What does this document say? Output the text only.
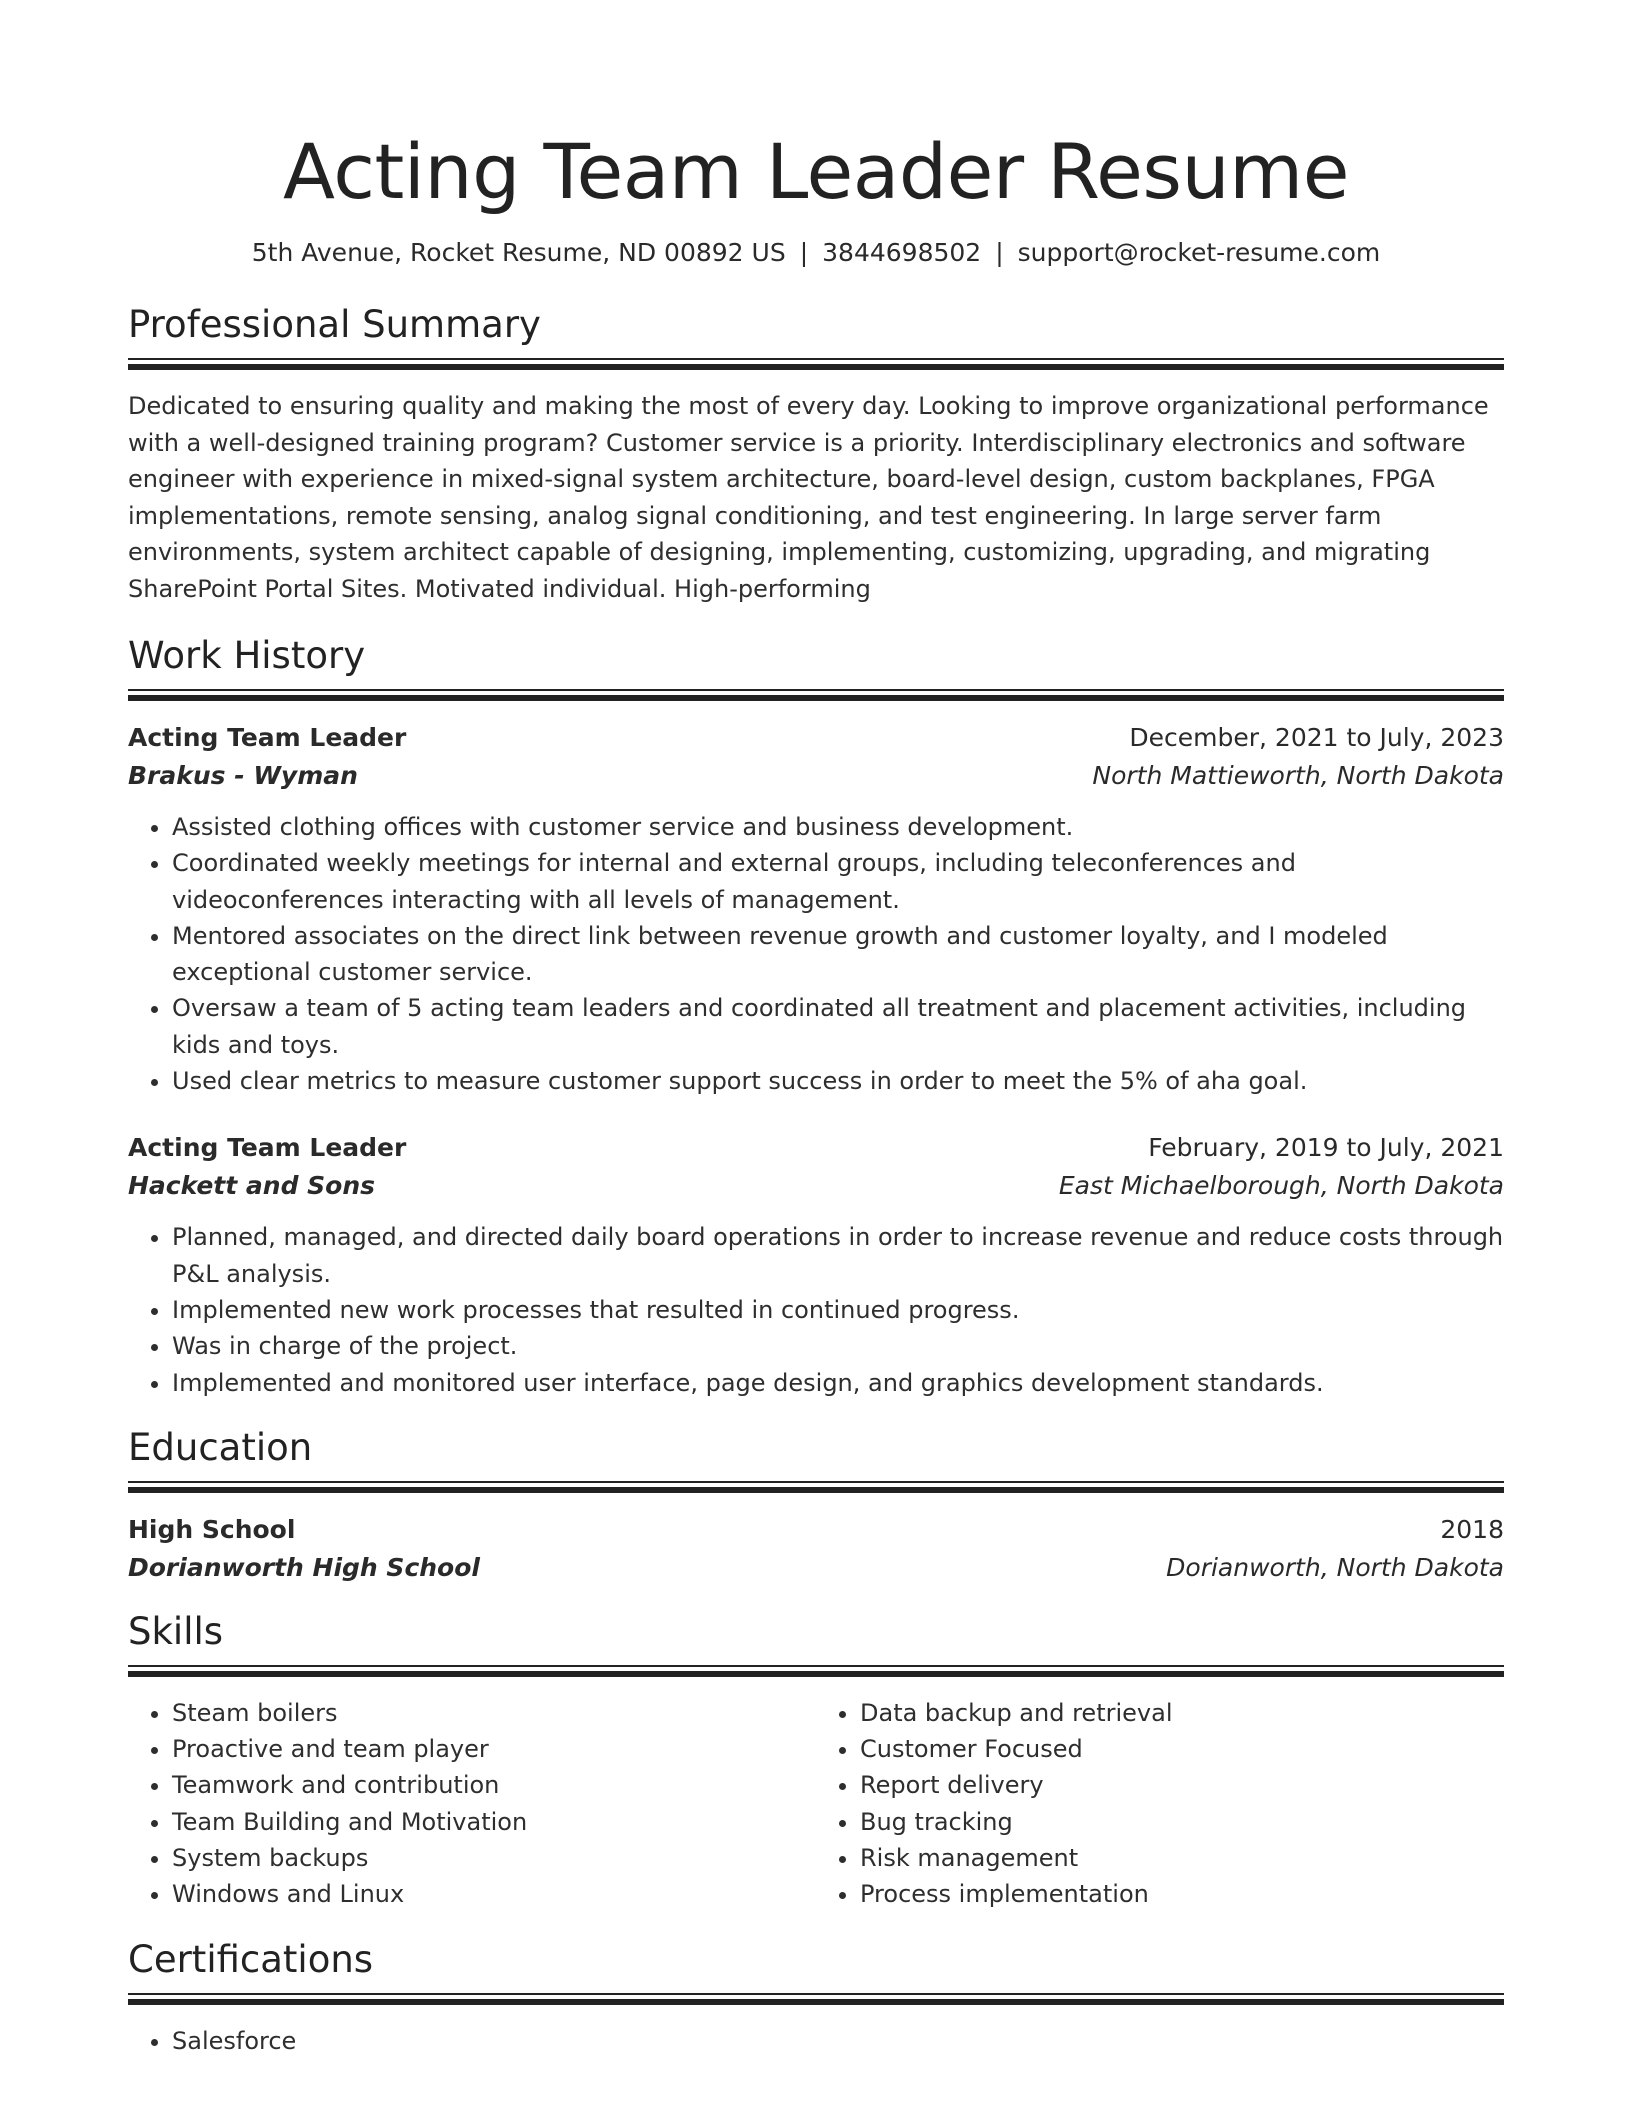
Acting Team Leader Resume
5th Avenue, Rocket Resume, ND 00892 US | 3844698502 | support@rocket-resume.com
Professional Summary

Dedicated to ensuring quality and making the most of every day. Looking to improve organizational performance with a well-designed training program? Customer service is a priority. Interdisciplinary electronics and software engineer with experience in mixed-signal system architecture, board-level design, custom backplanes, FPGA implementations, remote sensing, analog signal conditioning, and test engineering. In large server farm environments, system architect capable of designing, implementing, customizing, upgrading, and migrating SharePoint Portal Sites. Motivated individual. High-performing

Work History
Acting Team Leader	December, 2021 to July, 2023
Brakus - Wyman	North Mattieworth, North Dakota
• Assisted clothing offices with customer service and business development.
• Coordinated weekly meetings for internal and external groups, including teleconferences and videoconferences interacting with all levels of management.
• Mentored associates on the direct link between revenue growth and customer loyalty, and I modeled exceptional customer service.
• Oversaw a team of 5 acting team leaders and coordinated all treatment and placement activities, including kids and toys.
• Used clear metrics to measure customer support success in order to meet the 5% of aha goal.
Acting Team Leader	February, 2019 to July, 2021
Hackett and Sons	East Michaelborough, North Dakota
• Planned, managed, and directed daily board operations in order to increase revenue and reduce costs through P&L analysis.
• Implemented new work processes that resulted in continued progress.
• Was in charge of the project.
• Implemented and monitored user interface, page design, and graphics development standards.
Education
High School	2018
Dorianworth High School	Dorianworth, North Dakota
Skills
• Steam boilers
• Proactive and team player
• Teamwork and contribution
• Team Building and Motivation
• System backups
• Windows and Linux
• Data backup and retrieval
• Customer Focused
• Report delivery
• Bug tracking
• Risk management
• Process implementation
Certifications
• Salesforce
